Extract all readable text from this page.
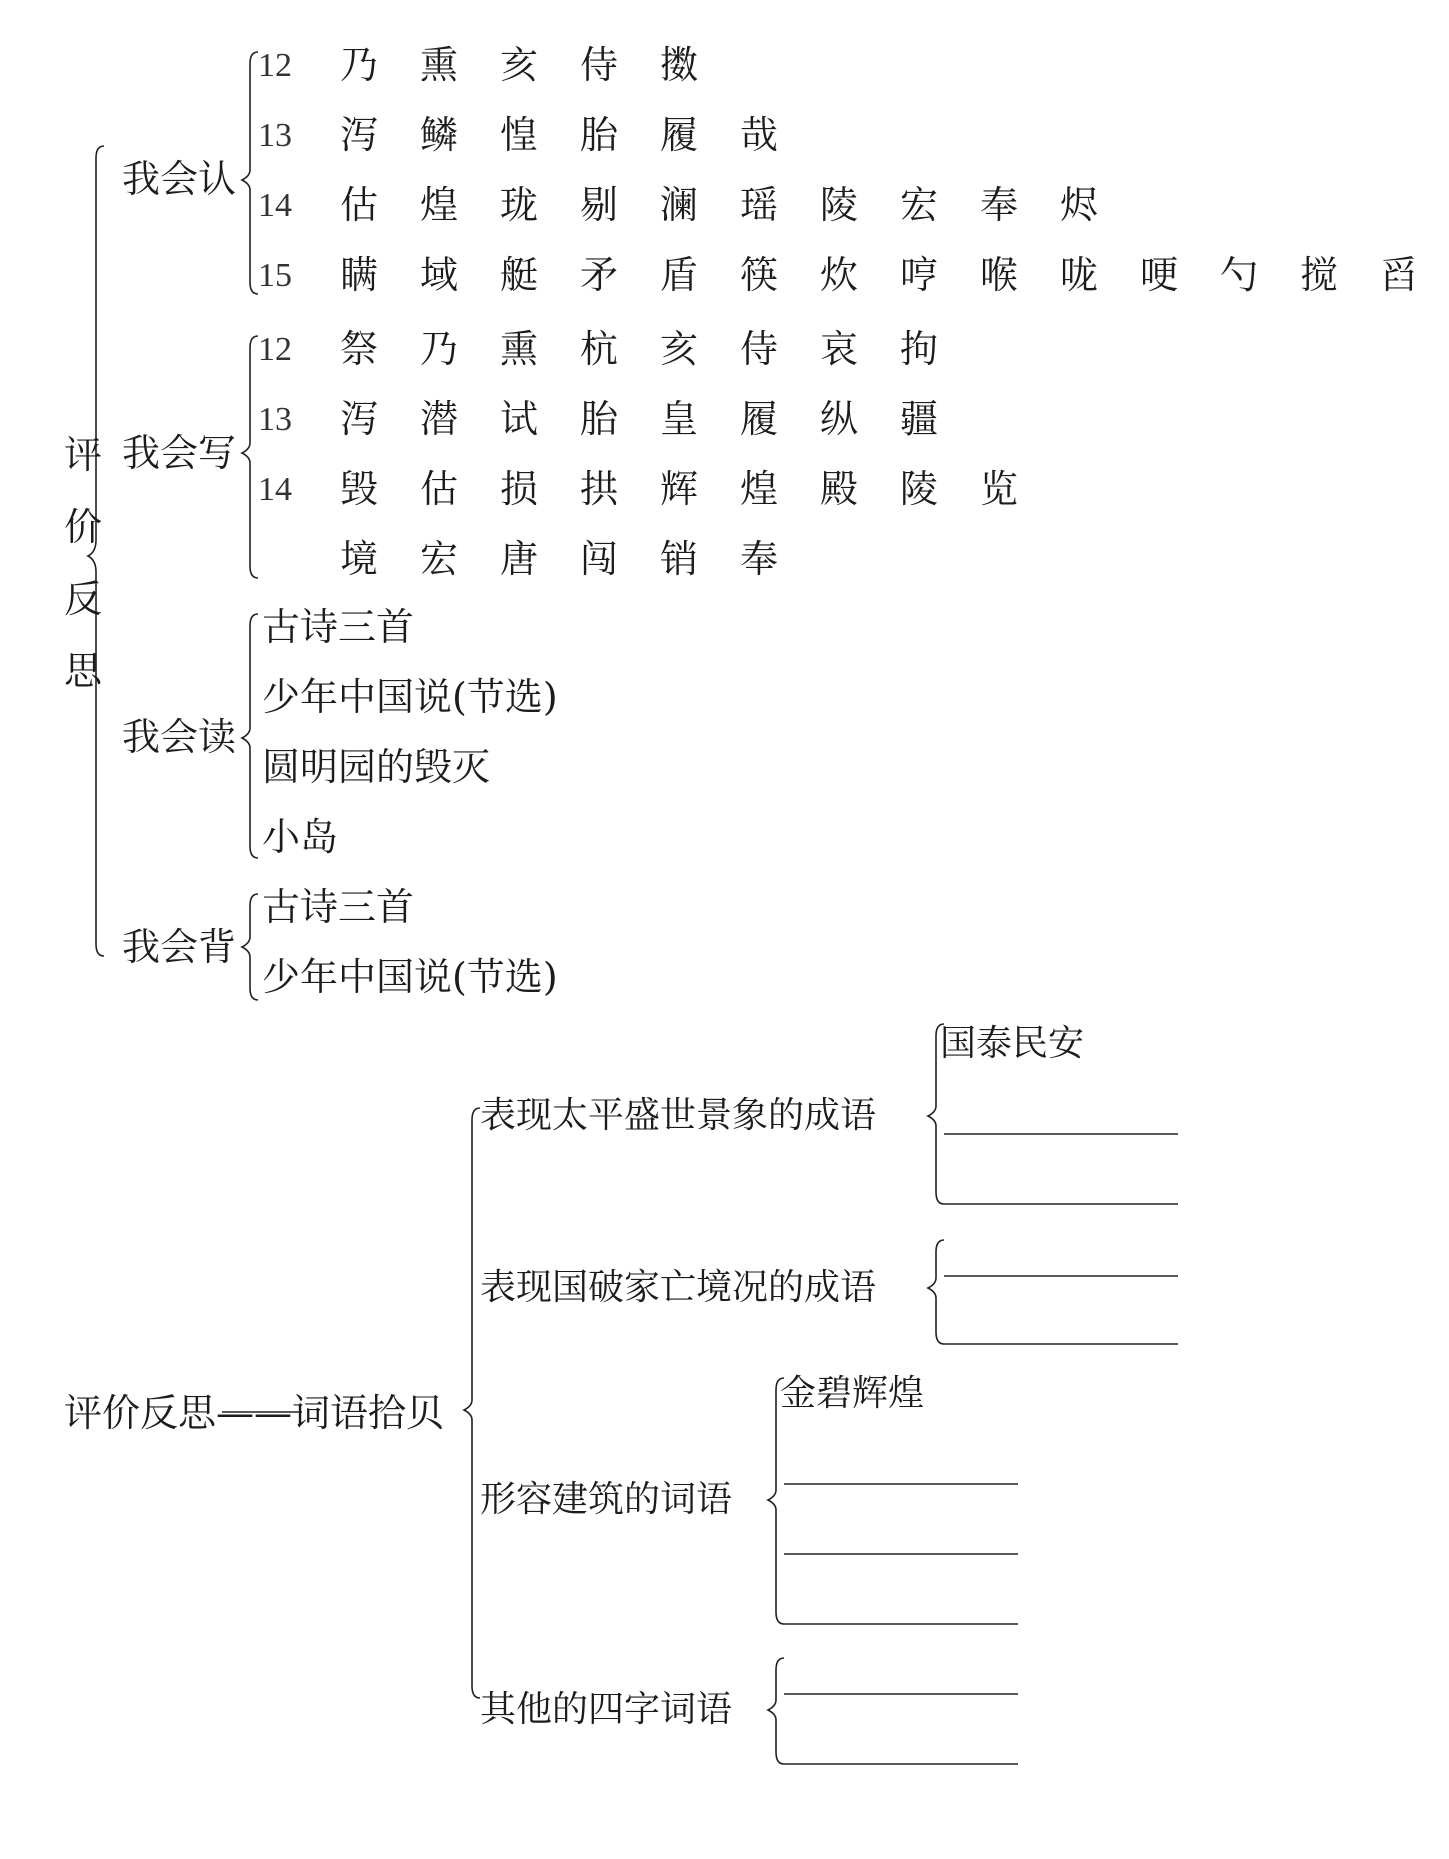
评
价
反
思
我会认
我会写
我会读
我会背
12 乃 熏 亥 侍 擞
13 泻 鳞 惶 胎 履 哉
14 估 煌 珑 剔 澜 瑶 陵 宏 奉 烬
15 瞒 域 艇 矛 盾 筷 炊 哼 喉 咙 哽 勺 搅 舀
12 祭 乃 熏 杭 亥 侍 哀 拘
13 泻 潜 试 胎 皇 履 纵 疆
14 毁 估 损 拱 辉 煌 殿 陵 览
境 宏 唐 闯 销 奉
古诗三首
少年中国说(节选)
圆明园的毁灭
小岛
古诗三首
少年中国说(节选)
评价反思——词语拾贝
表现太平盛世景象的成语
国泰民安
表现国破家亡境况的成语
形容建筑的词语
金碧辉煌
其他的四字词语
